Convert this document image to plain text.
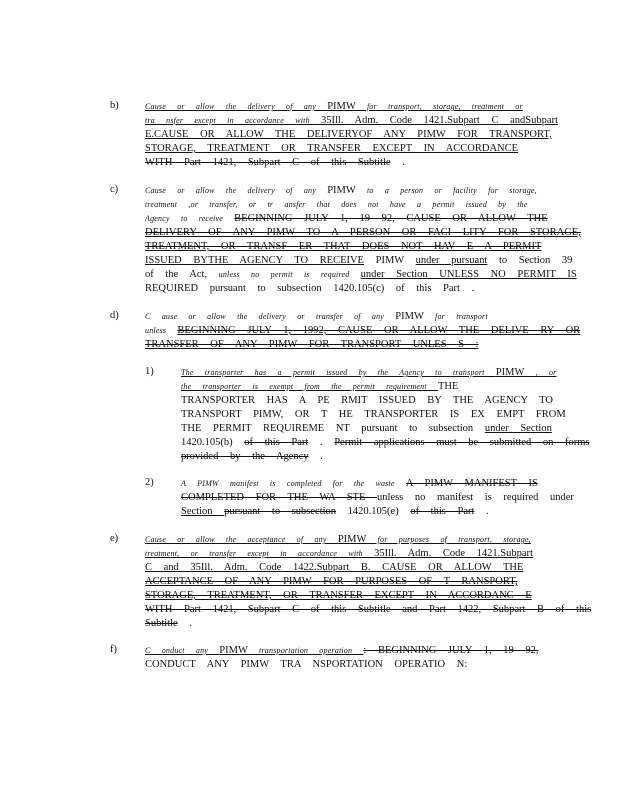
b)	Cause or allow the delivery of any PIMW for transport, storage, treatment or
tra nsfer except in accordance with 35Ill. Adm. Code 1421.Subpart C andSubpart
E.CAUSE OR ALLOW THE DELIVERYOF ANY PIMW FOR TRANSPORT,
STORAGE, TREATMENT OR TRANSFER EXCEPT IN ACCORDANCE
WITH Part 1421, Subpart C of this Subtitle .
c)	Cause or allow the delivery of any PIMW to a person or facility for storage,
treatment ,or transfer, or tr ansfer that does not have a permit issued by the
Agency to receive BEGINNING JULY 1, 19 92, CAUSE OR ALLOW THE
DELIVERY OF ANY PIMW TO A PERSON OR FACI LITY FOR STORAGE,
TREATMENT, OR TRANSF ER THAT DOES NOT HAV E A PERMIT
ISSUED BYTHE AGENCY TO RECEIVE PIMW under pursuant to Section 39
of the Act, unless no permit is required under Section UNLESS NO PERMIT IS
REQUIRED pursuant to subsection 1420.105(c) of this Part .
d)	C ause or allow the delivery or transfer of any PIMW for transport
unless BEGINNING JULY 1, 1992, CAUSE OR ALLOW THE DELIVE RY OR
TRANSFER OF ANY PIMW FOR TRANSPORT UNLES S :
1)	The transporter has a permit issued by the Agency to transport PIMW , or
the transporter is exempt from the permit requirement THE
TRANSPORTER HAS A PE RMIT ISSUED BY THE AGENCY TO
TRANSPORT PIMW, OR T HE TRANSPORTER IS EX EMPT FROM
THE PERMIT REQUIREME NT pursuant to subsection under Section
1420.105(b) of this Part . Permit applications must be submitted on forms
provided by the Agency .
2)	A PIMW manifest is completed for the waste A PIMW MANIFEST IS
COMPLETED FOR THE WA STE unless no manifest is required under
Section pursuant to subsection 1420.105(e) of this Part .
e)	Cause or allow the acceptance of any PIMW for purposes of transport, storage,
treatment, or transfer except in accordance with 35Ill. Adm. Code 1421.Subpart
C and 35Ill. Adm. Code 1422.Subpart B. CAUSE OR ALLOW THE
ACCEPTANCE OF ANY PIMW FOR PURPOSES OF T RANSPORT,
STORAGE, TREATMENT, OR TRANSFER EXCEPT IN ACCORDANC E
WITH Part 1421, Subpart C of this Subtitle and Part 1422, Subpart B of this
Subtitle .
f)	C onduct any PIMW transportation operation : BEGINNING JULY 1, 19 92,
CONDUCT ANY PIMW TRA NSPORTATION OPERATIO N:
